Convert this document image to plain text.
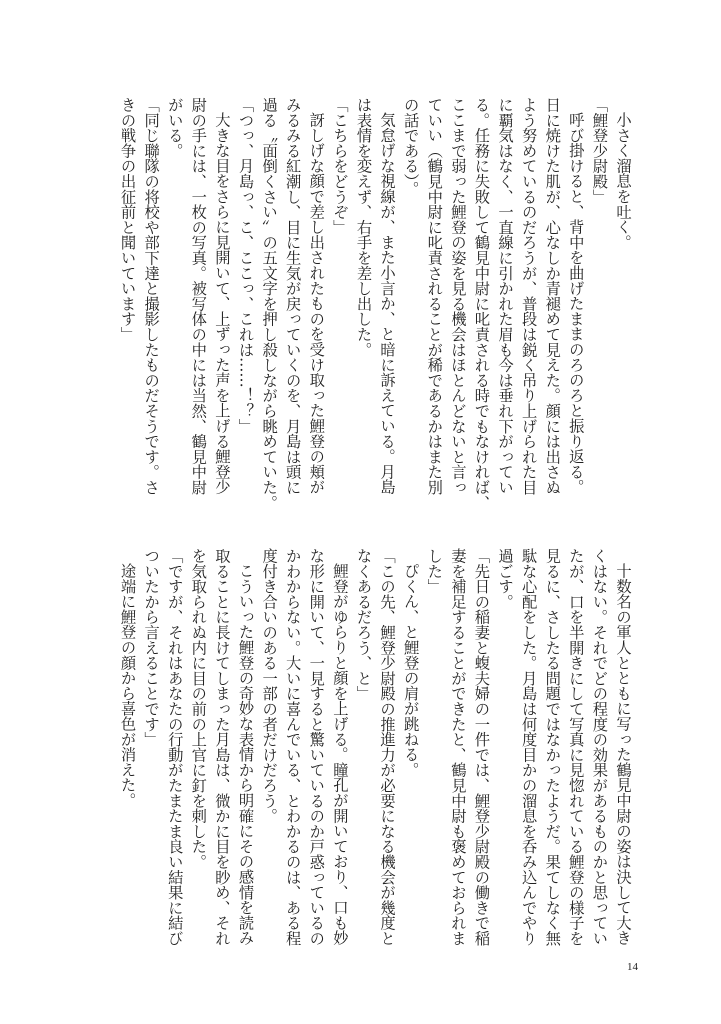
小さく溜息を吐く。

「鯉登少尉殿」

呼び掛けると、背中を曲げたままのろのろと振り返る。

日に焼けた肌が、心なしか青褪めて見えた。顔には出さぬ

よう努めているのだろうが、普段は鋭く吊り上げられた目

に覇気はなく、一直線に引かれた眉も今は垂れ下がってい

る。任務に失敗して鶴見中尉に叱責される時でもなければ、

ここまで弱った鯉登の姿を見る機会はほとんどないと言っ

ていい（鶴見中尉に叱責されることが稀であるかはまた別

の話である）。

気怠げな視線が、また小言か、と暗に訴えている。月島

は表情を変えず、右手を差し出した。

「こちらをどうぞ」

訝しげな顔で差し出されたものを受け取った鯉登の頬が

みるみる紅潮し、目に生気が戻っていくのを、月島は頭に

過る〝面倒くさい〟の五文字を押し殺しながら眺めていた。

「つっ、月島っ、こ、ここっ、これは……！？」

大きな目をさらに見開いて、上ずった声を上げる鯉登少

尉の手には、一枚の写真。被写体の中には当然、鶴見中尉

がいる。

「同じ聯隊の将校や部下達と撮影したものだそうです。さ

きの戦争の出征前と聞いています」

十数名の軍人とともに写った鶴見中尉の姿は決して大き

くはない。それでどの程度の効果があるものかと思ってい

たが、口を半開きにして写真に見惚れている鯉登の様子を

見るに、さしたる問題ではなかったようだ。果てしなく無

駄な心配をした。月島は何度目かの溜息を呑み込んでやり

過ごす。

「先日の稲妻と蝮夫婦の一件では、鯉登少尉殿の働きで稲

妻を補足することができたと、鶴見中尉も褒めておられま

した」

ぴくん、と鯉登の肩が跳ねる。

「この先、鯉登少尉殿の推進力が必要になる機会が幾度と

なくあるだろう、と」

鯉登がゆらりと顔を上げる。瞳孔が開いており、口も妙

な形に開いて、一見すると驚いているのか戸惑っているの

かわからない。大いに喜んでいる、とわかるのは、ある程

度付き合いのある一部の者だけだろう。

こういった鯉登の奇妙な表情から明確にその感情を読み

取ることに長けてしまった月島は、微かに目を眇め、それ

を気取られぬ内に目の前の上官に釘を刺した。

「ですが、それはあなたの行動がたまたま良い結果に結び

ついたから言えることです」

途端に鯉登の顔から喜色が消えた。

14
